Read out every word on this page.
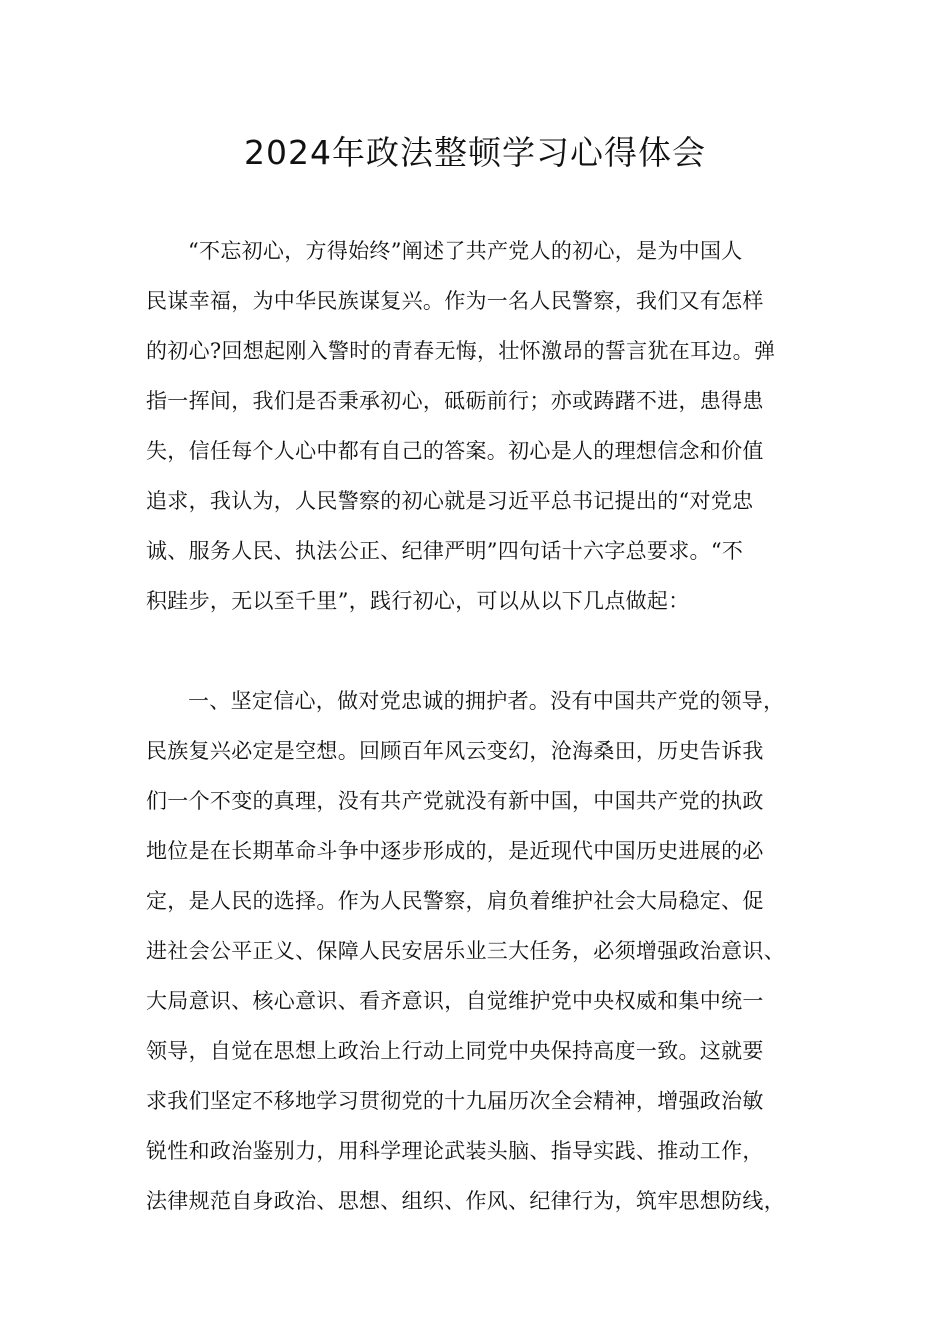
2024年政法整顿学习心得体会
“不忘初心，方得始终”阐述了共产党人的初心，是为中国人
民谋幸福，为中华民族谋复兴。作为一名人民警察，我们又有怎样
的初心?回想起刚入警时的青春无悔，壮怀激昂的誓言犹在耳边。弹
指一挥间，我们是否秉承初心，砥砺前行；亦或踌躇不进，患得患
失，信任每个人心中都有自己的答案。初心是人的理想信念和价值
追求，我认为，人民警察的初心就是习近平总书记提出的“对党忠
诚、服务人民、执法公正、纪律严明”四句话十六字总要求。“不
积跬步，无以至千里”，践行初心，可以从以下几点做起：
一、坚定信心，做对党忠诚的拥护者。没有中国共产党的领导，
民族复兴必定是空想。回顾百年风云变幻，沧海桑田，历史告诉我
们一个不变的真理，没有共产党就没有新中国，中国共产党的执政
地位是在长期革命斗争中逐步形成的，是近现代中国历史进展的必
定，是人民的选择。作为人民警察，肩负着维护社会大局稳定、促
进社会公平正义、保障人民安居乐业三大任务，必须增强政治意识、
大局意识、核心意识、看齐意识，自觉维护党中央权威和集中统一
领导，自觉在思想上政治上行动上同党中央保持高度一致。这就要
求我们坚定不移地学习贯彻党的十九届历次全会精神，增强政治敏
锐性和政治鉴别力，用科学理论武装头脑、指导实践、推动工作，
法律规范自身政治、思想、组织、作风、纪律行为，筑牢思想防线，
